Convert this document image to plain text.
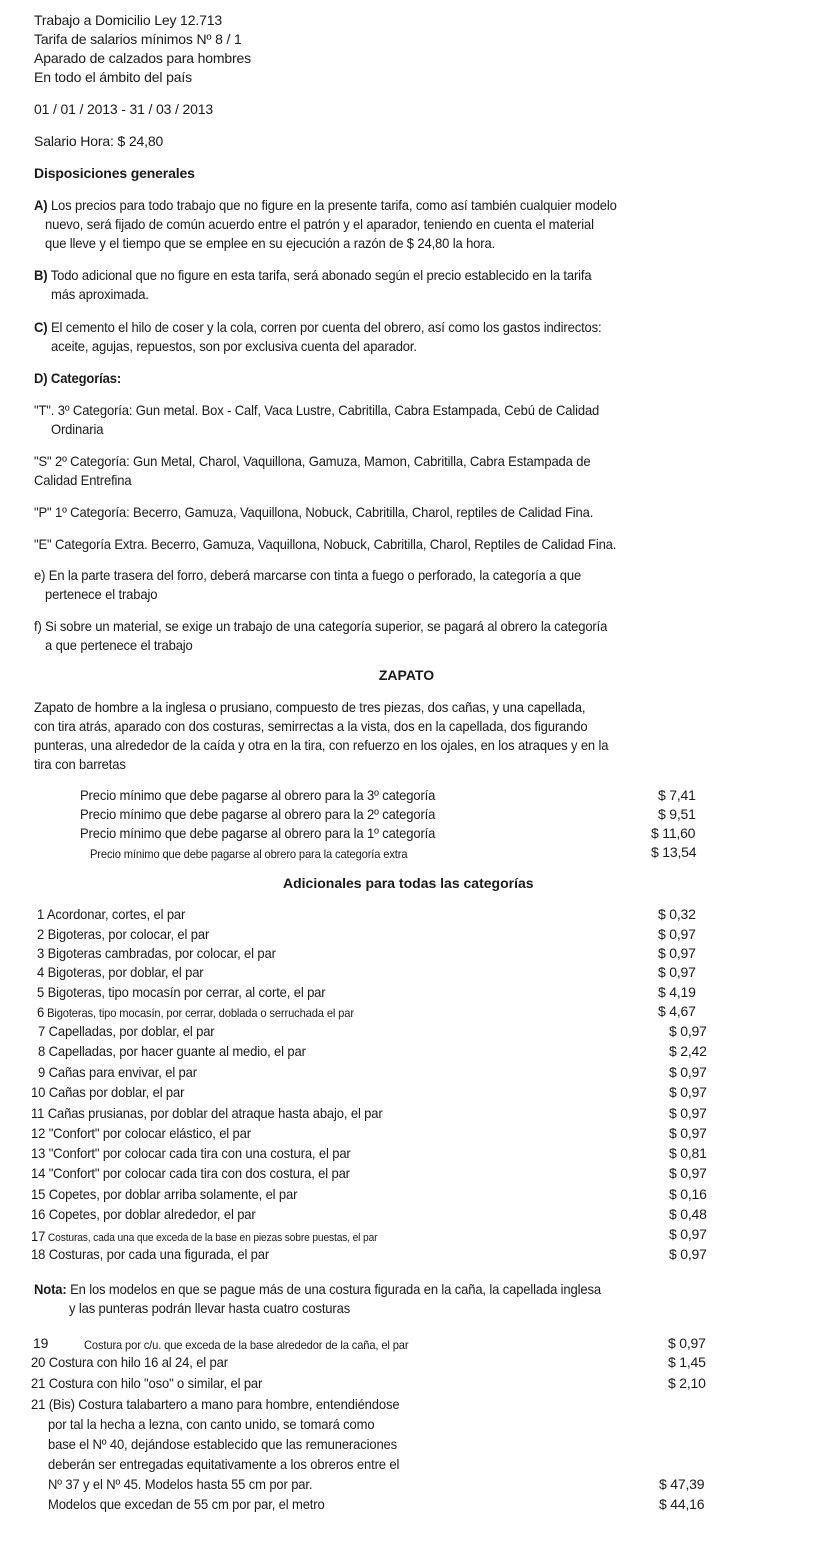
Trabajo a Domicilio Ley 12.713
Tarifa de salarios mínimos Nº 8 / 1
Aparado de calzados para hombres
En todo el ámbito del país
01 / 01 / 2013 - 31 / 03 / 2013
Salario Hora: $ 24,80
Disposiciones generales
A) Los precios para todo trabajo que no figure en la presente tarifa, como así también cualquier modelo
nuevo, será fijado de común acuerdo entre el patrón y el aparador, teniendo en cuenta el material
que lleve y el tiempo que se emplee en su ejecución a razón de $ 24,80 la hora.
B) Todo adicional que no figure en esta tarifa, será abonado según el precio establecido en la tarifa
más aproximada.
C) El cemento el hilo de coser y la cola, corren por cuenta del obrero, así como los gastos indirectos:
aceite, agujas, repuestos, son por exclusiva cuenta del aparador.
D) Categorías:
"T". 3º Categoría: Gun metal. Box - Calf, Vaca Lustre, Cabritilla, Cabra Estampada, Cebú de Calidad
Ordinaria
"S" 2º Categoría: Gun Metal, Charol, Vaquillona, Gamuza, Mamon, Cabritilla, Cabra Estampada de
Calidad Entrefina
"P" 1º Categoría: Becerro, Gamuza, Vaquillona, Nobuck, Cabritilla, Charol, reptiles de Calidad Fina.
"E" Categoría Extra. Becerro, Gamuza, Vaquillona, Nobuck, Cabritilla, Charol, Reptiles de Calidad Fina.
e) En la parte trasera del forro, deberá marcarse con tinta a fuego o perforado, la categoría a que
pertenece el trabajo
f) Si sobre un material, se exige un trabajo de una categoría superior, se pagará al obrero la categoría
a que pertenece el trabajo
ZAPATO
Zapato de hombre a la inglesa o prusiano, compuesto de tres piezas, dos cañas, y una capellada,
con tira atrás, aparado con dos costuras, semirrectas a la vista, dos en la capellada, dos figurando
punteras, una alrededor de la caída y otra en la tira, con refuerzo en los ojales, en los atraques y en la
tira con barretas
Precio mínimo que debe pagarse al obrero para la 3º categoría	$ 7,41
Precio mínimo que debe pagarse al obrero para la 2º categoría	$ 9,51
Precio mínimo que debe pagarse al obrero para la 1º categoría	$ 11,60
Precio mínimo que debe pagarse al obrero para la categoría extra	$ 13,54
Adicionales para todas las categorías
1 Acordonar, cortes, el par	$ 0,32
2 Bigoteras, por colocar, el par	$ 0,97
3 Bigoteras cambradas, por colocar, el par	$ 0,97
4 Bigoteras, por doblar, el par	$ 0,97
5 Bigoteras, tipo mocasín por cerrar, al corte, el par	$ 4,19
6 Bigoteras, tipo mocasín, por cerrar, doblada o serruchada el par	$ 4,67
7 Capelladas, por doblar, el par	$ 0,97
8 Capelladas, por hacer guante al medio, el par	$ 2,42
9 Cañas para envivar, el par	$ 0,97
10 Cañas por doblar, el par	$ 0,97
11 Cañas prusianas, por doblar del atraque hasta abajo, el par	$ 0,97
12 "Confort" por colocar elástico, el par	$ 0,97
13 "Confort" por colocar cada tira con una costura, el par	$ 0,81
14 "Confort" por colocar cada tira con dos costura, el par	$ 0,97
15 Copetes, por doblar arriba solamente, el par	$ 0,16
16 Copetes, por doblar alrededor, el par	$ 0,48
17 Costuras, cada una que exceda de la base en piezas sobre puestas, el par	$ 0,97
18 Costuras, por cada una figurada, el par	$ 0,97
Nota: En los modelos en que se pague más de una costura figurada en la caña, la capellada inglesa
y las punteras podrán llevar hasta cuatro costuras
19	Costura por c/u. que exceda de la base alrededor de la caña, el par	$ 0,97
20 Costura con hilo 16 al 24, el par	$ 1,45
21 Costura con hilo "oso" o similar, el par	$ 2,10
21 (Bis) Costura talabartero a mano para hombre, entendiéndose
por tal la hecha a lezna, con canto unido, se tomará como
base el Nº 40, dejándose establecido que las remuneraciones
deberán ser entregadas equitativamente a los obreros entre el
Nº 37 y el Nº 45. Modelos hasta 55 cm por par.	$ 47,39
Modelos que excedan de 55 cm por par, el metro	$ 44,16
